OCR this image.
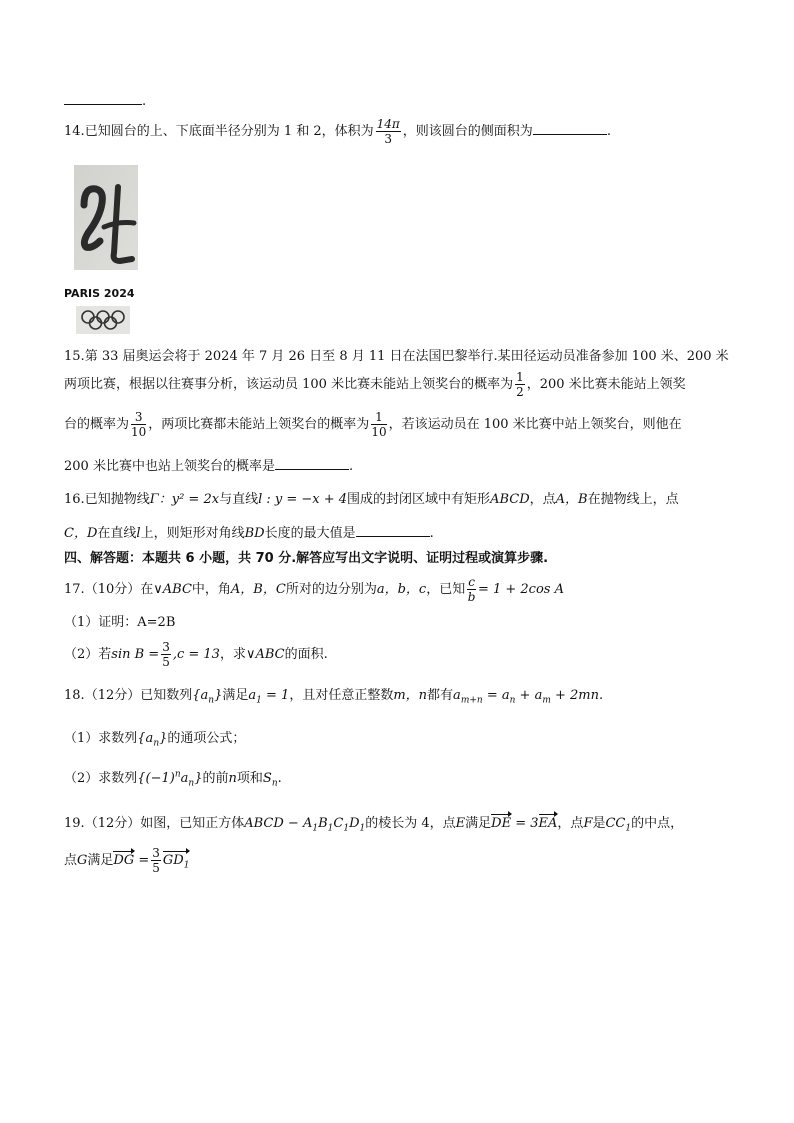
.
14.已知圆台的上、下底面半径分别为 1 和 2，体积为 $\frac{14\pi}{3}$ ，则该圆台的侧面积为	.
PARIS 2024
15.第 33 届奥运会将于 2024 年 7 月 26 日至 8 月 11 日在法国巴黎举行.某田径运动员准备参加 100 米、200 米
两项比赛，根据以往赛事分析，该运动员 100 米比赛未能站上领奖台的概率为 $\frac{1}{2}$ ，200 米比赛未能站上领奖
台的概率为 $\frac{3}{10}$ ，两项比赛都未能站上领奖台的概率为 $\frac{1}{10}$ ，若该运动员在 100 米比赛中站上领奖台，则他在
200 米比赛中也站上领奖台的概率是	.
16.已知抛物线Γ：y² = 2x与直线l : y = −x + 4围成的封闭区域中有矩形ABCD，点A，B在抛物线上，点
C，D在直线l上，则矩形对角线BD长度的最大值是	.
四、解答题：本题共 6 小题，共 70 分.解答应写出文字说明、证明过程或演算步骤.
17.（10分）在∨ABC中，角A，B，C所对的边分别为a，b，c，已知 $\frac{c}{b} = 1 + 2\cos$ A
（1）证明：A=2B
（2）若$\sin B = \frac{3}{5} ,c = 13$，求∨ABC的面积.
18.（12分）已知数列$\{a_n\}$满足$a_1 = 1$，且对任意正整数m，n都有$a_{m+n} = a_n + a_m + 2mn$.
（1）求数列$\{a_n\}$的通项公式；
（2）求数列$\{(-1)^na_n\}$的前n项和$S_n$.
19.（12分）如图，已知正方体ABCD − $A_1B_1C_1D_1$的棱长为 4，点E满足DE = 3EA，点F是$CC_1$的中点，
点G满足DG = $\frac{3}{5} GD_1$
